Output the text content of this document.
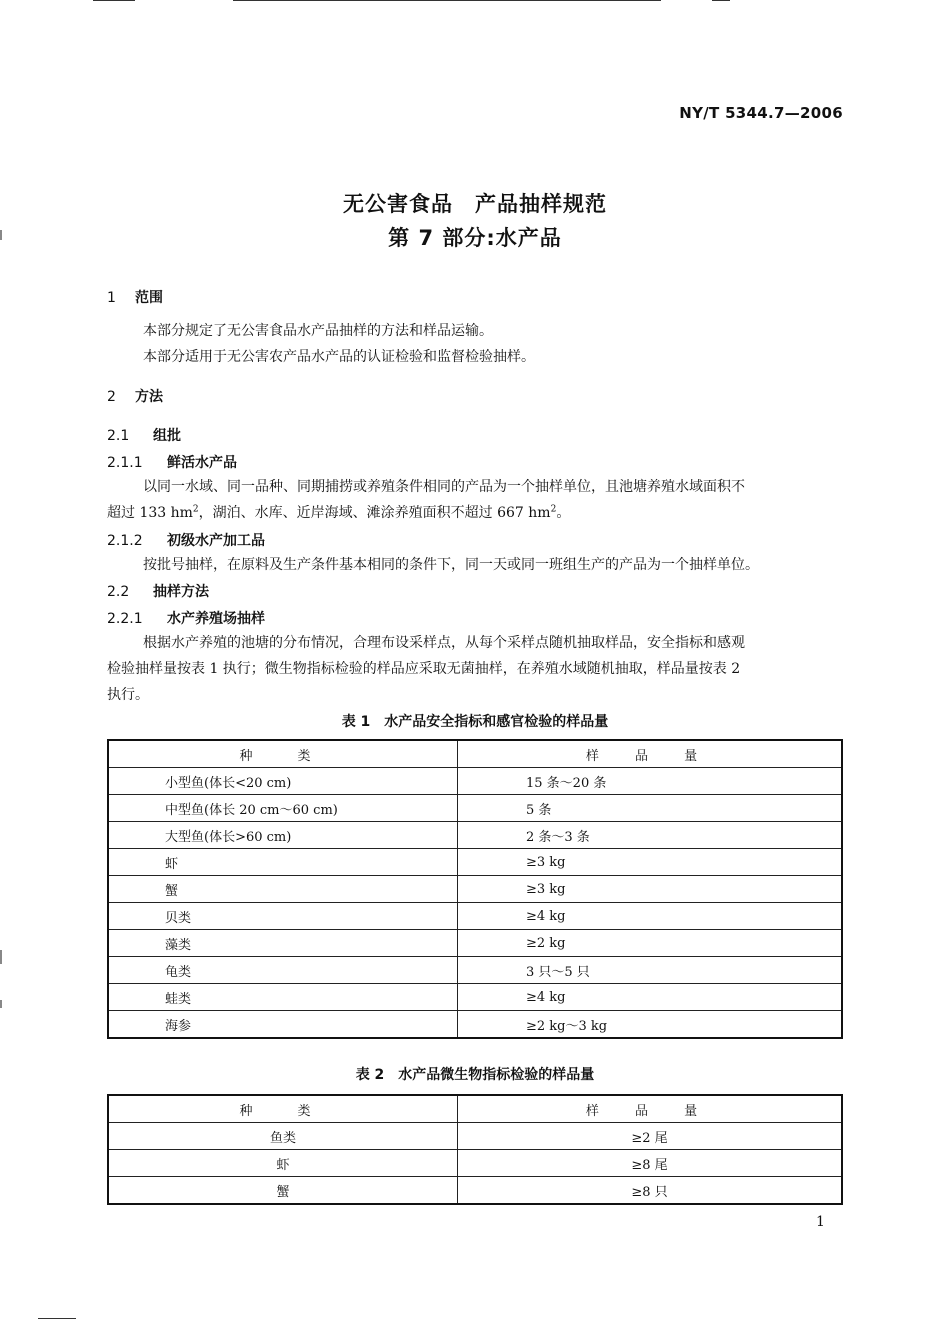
NY/T 5344.7—2006
无公害食品　产品抽样规范
第 7 部分:水产品
1 范围
本部分规定了无公害食品水产品抽样的方法和样品运输。
本部分适用于无公害农产品水产品的认证检验和监督检验抽样。
2 方法
2.1 组批
2.1.1 鲜活水产品
以同一水域、同一品种、同期捕捞或养殖条件相同的产品为一个抽样单位，且池塘养殖水域面积不
超过 133 $hm^2$，湖泊、水库、近岸海域、滩涂养殖面积不超过 667 $hm^2$。
2.1.2 初级水产加工品
按批号抽样，在原料及生产条件基本相同的条件下，同一天或同一班组生产的产品为一个抽样单位。
2.2 抽样方法
2.2.1 水产养殖场抽样
根据水产养殖的池塘的分布情况，合理布设采样点，从每个采样点随机抽取样品，安全指标和感观
检验抽样量按表 1 执行；微生物指标检验的样品应采取无菌抽样，在养殖水域随机抽取，样品量按表 2
执行。
表 1　水产品安全指标和感官检验的样品量
种　类	样 品 量
小型鱼(体长<20 cm)	15 条～20 条
中型鱼(体长 20 cm～60 cm)	5 条
大型鱼(体长>60 cm)	2 条～3 条
虾	≥3 kg
蟹	≥3 kg
贝类	≥4 kg
藻类	≥2 kg
龟类	3 只～5 只
蛙类	≥4 kg
海参	≥2 kg～3 kg
表 2　水产品微生物指标检验的样品量
种　类	样 品 量
鱼类	≥2 尾
虾	≥8 尾
蟹	≥8 只
1
